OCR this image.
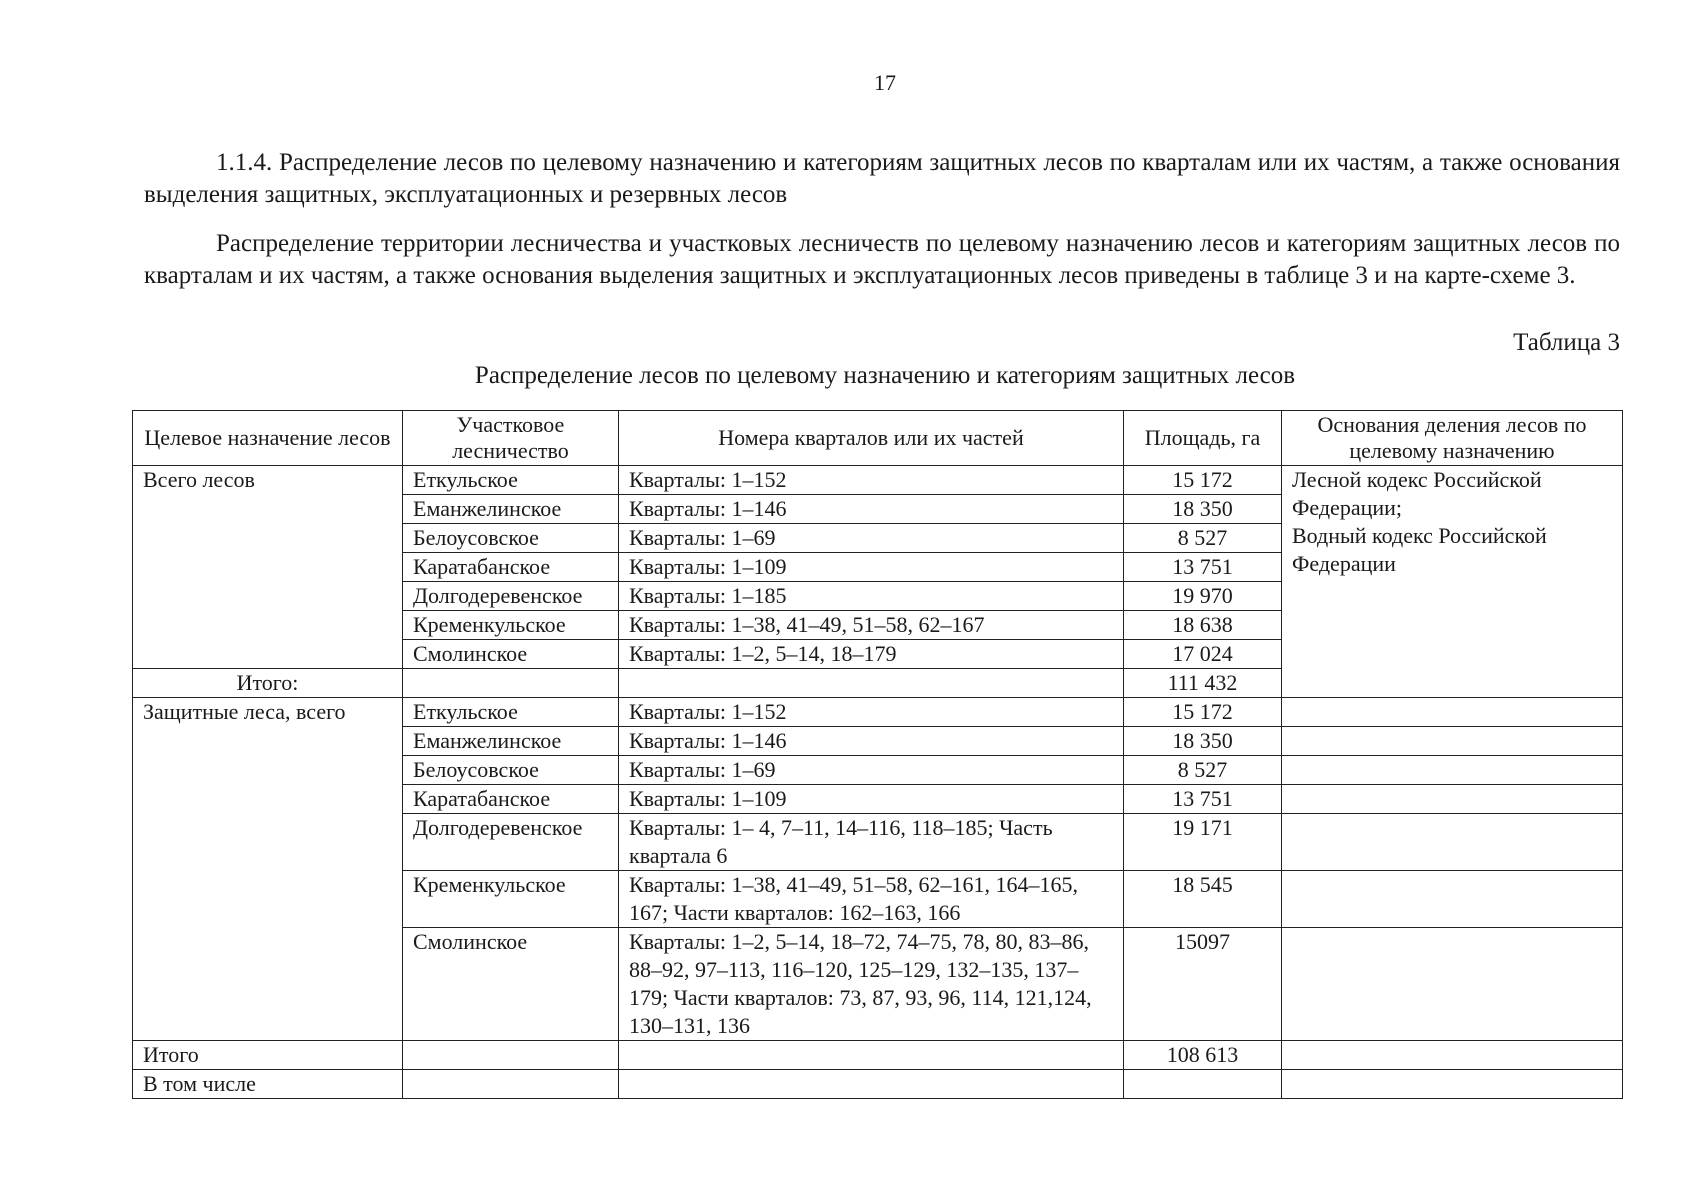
17
1.1.4. Распределение лесов по целевому назначению и категориям защитных лесов по кварталам или их частям, а также основания выделения защитных, эксплуатационных и резервных лесов
Распределение территории лесничества и участковых лесничеств по целевому назначению лесов и категориям защитных лесов по кварталам и их частям, а также основания выделения защитных и эксплуатационных лесов приведены в таблице 3 и на карте-схеме 3.
Таблица 3
Распределение лесов по целевому назначению и категориям защитных лесов
Целевое назначение лесов	Участковое лесничество	Номера кварталов или их частей	Площадь, га	Основания деления лесов по целевому назначению
Всего лесов	Еткульское	Кварталы: 1–152	15 172	Лесной кодекс Российской Федерации;
Водный кодекс Российской Федерации

	Еманжелинское	Кварталы: 1–146	18 350	
	Белоусовское	Кварталы: 1–69	8 527	
	Каратабанское	Кварталы: 1–109	13 751	
	Долгодеревенское	Кварталы: 1–185	19 970	
	Кременкульское	Кварталы: 1–38, 41–49, 51–58, 62–167	18 638	
	Смолинское	Кварталы: 1–2, 5–14, 18–179	17 024	
Итого:			111 432	
Защитные леса, всего	Еткульское	Кварталы: 1–152	15 172	
	Еманжелинское	Кварталы: 1–146	18 350	
	Белоусовское	Кварталы: 1–69	8 527	
	Каратабанское	Кварталы: 1–109	13 751	
	Долгодеревенское	Кварталы: 1– 4, 7–11, 14–116, 118–185; Часть квартала 6	19 171	
	Кременкульское	Кварталы: 1–38, 41–49, 51–58, 62–161, 164–165, 167; Части кварталов: 162–163, 166	18 545	
	Смолинское	Кварталы: 1–2, 5–14, 18–72, 74–75, 78, 80, 83–86, 88–92, 97–113, 116–120, 125–129, 132–135, 137–179; Части кварталов: 73, 87, 93, 96, 114, 121,124, 130–131, 136	15097	
Итого			108 613	
В том числе				
